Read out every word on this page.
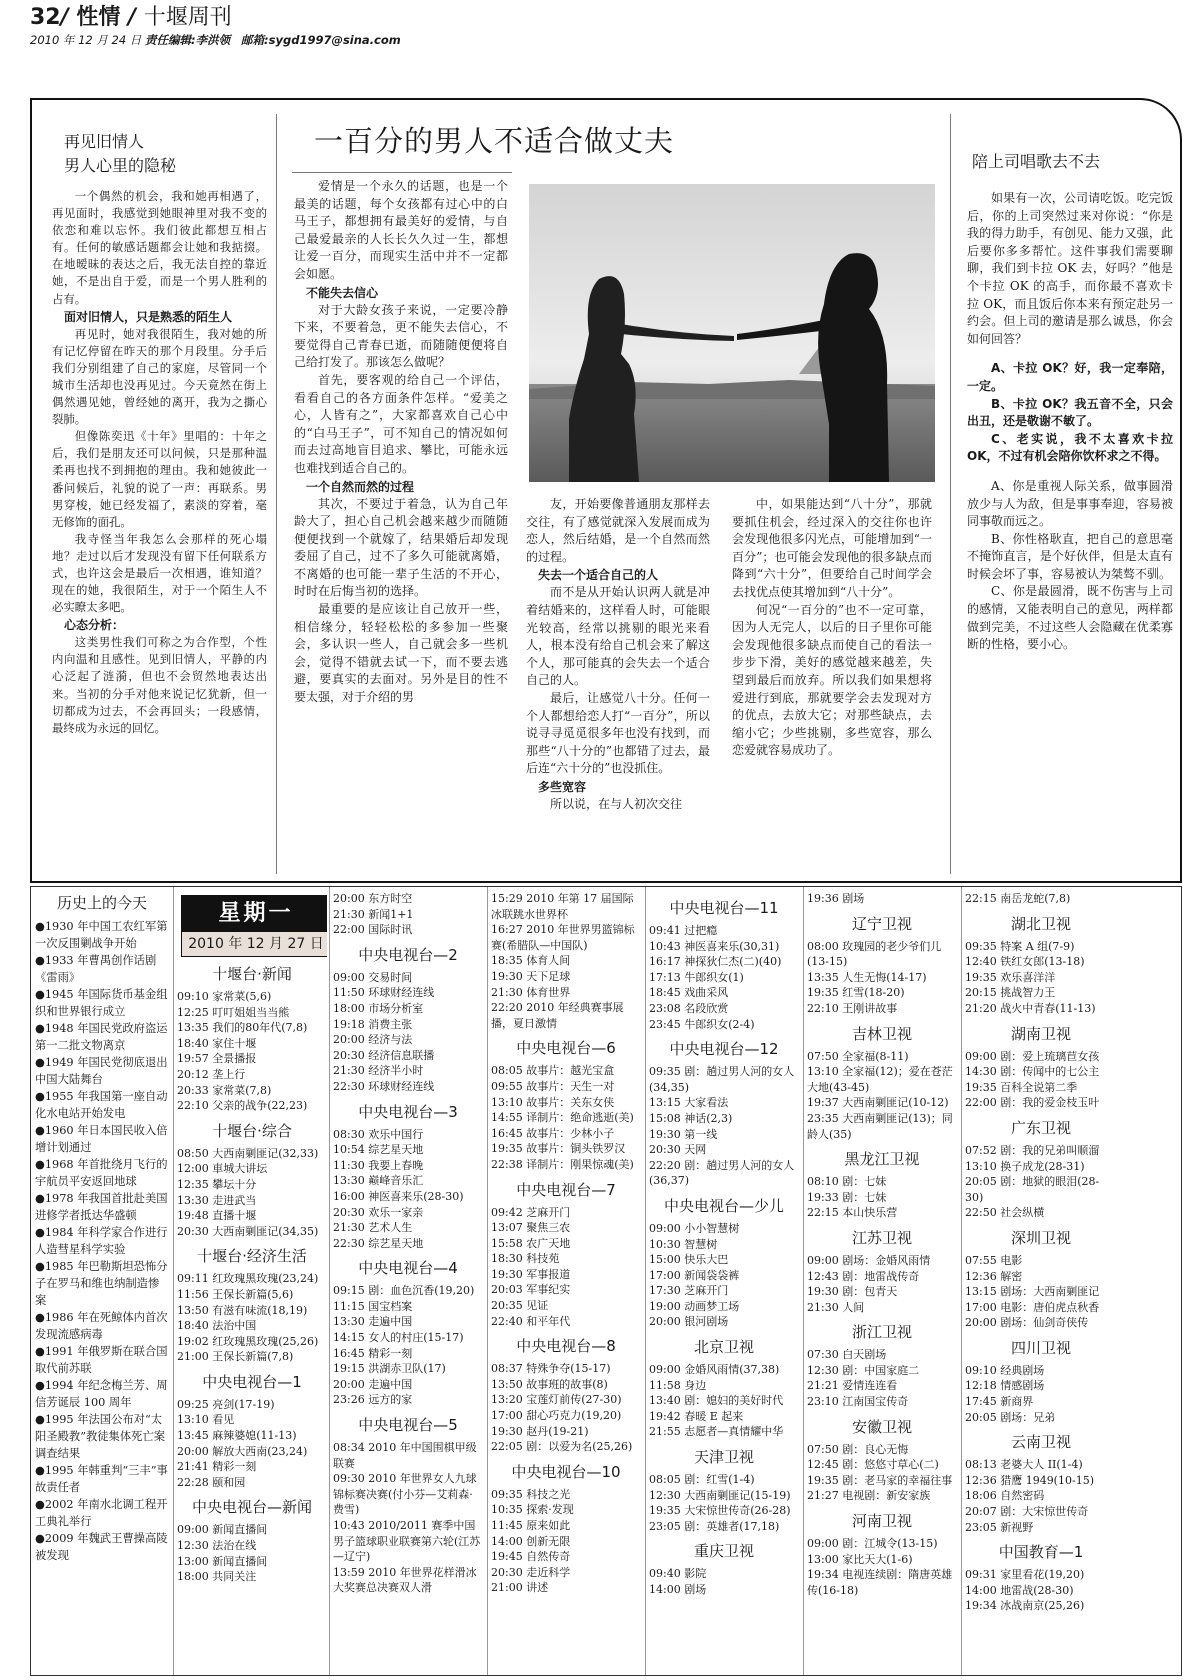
32/ 性情 / 十堰周刊
2010 年 12 月 24 日 责任编辑:李洪领 邮箱:sygd1997@sina.com
再见旧情人
男人心里的隐秘

一个偶然的机会，我和她再相遇了，再见面时，我感觉到她眼神里对我不变的依恋和难以忘怀。我们彼此都想互相占有。任何的敏感话题都会让她和我掂掇。在地暧昧的表达之后，我无法自控的靠近她，不是出自于爱，而是一个男人胜利的占有。

面对旧情人，只是熟悉的陌生人

再见时，她对我很陌生，我对她的所有记忆停留在昨天的那个月段里。分手后我们分别组建了自己的家庭，尽管同一个城市生活却也没再见过。今天竟然在街上偶然遇见她，曾经她的离开，我为之撕心裂肺。

但像陈奕迅《十年》里唱的：十年之后，我们是朋友还可以问候，只是那种温柔再也找不到拥抱的理由。我和她彼此一番问候后，礼貌的说了一声：再联系。男男穿梭，她已经发福了，素淡的穿着，毫无修饰的面孔。

我寺怪当年我怎么会那样的死心塌地？走过以后才发现没有留下任何联系方式，也许这会是最后一次相遇，谁知道？现在的她，我很陌生，对于一个陌生人不必实瞭太多吧。

心态分析：

这类男性我们可称之为合作型，个性内向温和且感性。见到旧情人，平静的内心泛起了涟漪，但也不会贸然地表达出来。当初的分手对他来说记忆犹新，但一切都成为过去，不会再回头；一段感情，最终成为永远的回忆。

一百分的男人不适合做丈夫

爱情是一个永久的话题，也是一个最美的话题，每个女孩都有过心中的白马王子，都想拥有最美好的爱情，与自己最爱最亲的人长长久久过一生，都想让爱一百分，而现实生活中并不一定都会如愿。

不能失去信心

对于大龄女孩子来说，一定要冷静下来，不要着急，更不能失去信心，不要觉得自己青春已逝，而随随便便将自己给打发了。那该怎么做呢？

首先，要客观的给自己一个评估，看看自己的各方面条件怎样。“爱美之心，人皆有之”，大家都喜欢自己心中的“白马王子”，可不知自己的情况如何而去过高地盲目追求、攀比，可能永远也难找到适合自己的。

一个自然而然的过程

其次，不要过于着急，认为自己年龄大了，担心自己机会越来越少而随随便便找到一个就嫁了，结果婚后却发现委屈了自己，过不了多久可能就离婚，不离婚的也可能一辈子生活的不开心，时时在后悔当初的选择。

最重要的是应该让自己放开一些，相信缘分，轻轻松松的多参加一些聚会，多认识一些人，自己就会多一些机会，觉得不错就去试一下，而不要去逃避，要真实的去面对。另外是目的性不要太强，对于介绍的男

友，开始要像普通朋友那样去交往，有了感觉就深入发展而成为恋人，然后结婚，是一个自然而然的过程。

失去一个适合自己的人

而不是从开始认识两人就是冲着结婚来的，这样看人时，可能眼光较高，经常以挑剔的眼光来看人，根本没有给自己机会来了解这个人，那可能真的会失去一个适合自己的人。

最后，让感觉八十分。任何一个人都想给恋人打“一百分”，所以说寻寻觅觅很多年也没有找到，而那些“八十分的”也都错了过去，最后连“六十分的”也没抓住。

多些宽容

所以说，在与人初次交往

中，如果能达到“八十分”，那就要抓住机会，经过深入的交往你也许会发现他很多闪光点，可能增加到“一百分”；也可能会发现他的很多缺点而降到“六十分”，但要给自己时间学会去找优点使其增加到“八十分”。

何况“一百分的”也不一定可靠，因为人无完人，以后的日子里你可能会发现他很多缺点而使自己的看法一步步下滑，美好的感觉越来越差，失望到最后而放弃。所以我们如果想将爱进行到底，那就要学会去发现对方的优点，去放大它；对那些缺点，去缩小它；少些挑剔，多些宽容，那么恋爱就容易成功了。

陪上司唱歌去不去

如果有一次，公司请吃饭。吃完饭后，你的上司突然过来对你说：“你是我的得力助手，有创见、能力又强，此后要你多多帮忙。这件事我们需要聊聊，我们到卡拉 OK 去，好吗？”他是个卡拉 OK 的高手，而你最不喜欢卡拉 OK，而且饭后你本来有预定赴另一约会。但上司的邀请是那么诚恳，你会如何回答？

A、卡拉 OK？好，我一定奉陪，一定。

B、卡拉 OK？我五音不全，只会出丑，还是敬谢不敏了。

C、老实说，我不太喜欢卡拉 OK，不过有机会陪你饮杯求之不得。

A、你是重视人际关系，做事圆滑放少与人为敌，但是事事奉迎，容易被同事敬而远之。

B、你性格耿直，把自己的意思毫不掩饰直言，是个好伙伴，但是太直有时候会坏了事，容易被认为桀骜不驯。

C、你是最圆滑，既不伤害与上司的感情，又能表明自己的意见，两样都做到完美，不过这些人会隐藏在优柔寡断的性格，要小心。

历史上的今天
●1930 年中国工农红军第一次反围剿战争开始
●1933 年曹禺创作话剧《雷雨》
●1945 年国际货币基金组织和世界银行成立
●1948 年国民党政府盗运第一二批文物离京
●1949 年国民党彻底退出中国大陆舞台
●1955 年我国第一座自动化水电站开始发电
●1960 年日本国民收入倍增计划通过
●1968 年首批绕月飞行的宇航员平安返回地球
●1978 年我国首批赴美国进修学者抵达华盛顿
●1984 年科学家合作进行人造彗星科学实验
●1985 年巴勒斯坦恐怖分子在罗马和维也纳制造惨案
●1986 年在死鲸体内首次发现流感病毒
●1991 年俄罗斯在联合国取代前苏联
●1994 年纪念梅兰芳、周信芳诞辰 100 周年
●1995 年法国公布对“太阳圣殿教”教徒集体死亡案调查结果
●1995 年韩重判“三丰”事故责任者
●2002 年南水北调工程开工典礼举行
●2009 年魏武王曹操高陵被发现
星期一
2010 年 12 月 27 日
十堰台·新闻
09:10 家常菜(5,6)
12:25 叮叮姐姐当当熊
13:35 我们的80年代(7,8)
18:40 家住十堰
19:57 全景播报
20:12 垄上行
20:33 家常菜(7,8)
22:10 父亲的战争(22,23)
十堰台·综合
08:50 大西南剿匪记(32,33)
12:00 車城大讲坛
12:35 攀坛十分
13:30 走进武当
19:48 直播十堰
20:30 大西南剿匪记(34,35)
十堰台·经济生活
09:11 红玫瑰黑玫瑰(23,24)
11:56 王保长新篇(5,6)
13:50 有滋有味流(18,19)
18:40 法治中国
19:02 红玫瑰黑玫瑰(25,26)
21:00 王保长新篇(7,8)
中央电视台—1
09:25 亮剑(17-19)
13:10 看见
13:45 麻辣婆媳(11-13)
20:00 解放大西南(23,24)
21:41 精彩一刻
22:28 颐和园
中央电视台—新闻
09:00 新闻直播间
12:30 法治在线
13:00 新闻直播间
18:00 共同关注
20:00 东方时空
21:30 新闻1+1
22:00 国际时讯
中央电视台—2
09:00 交易时间
11:50 环球财经连线
18:00 市场分析室
19:18 消费主张
20:00 经济与法
20:30 经济信息联播
21:30 经济半小时
22:30 环球财经连线
中央电视台—3
08:30 欢乐中国行
10:54 综艺星天地
11:30 我要上春晚
13:30 巅峰音乐汇
16:00 神医喜来乐(28-30)
20:30 欢乐一家亲
21:30 艺术人生
22:30 综艺星天地
中央电视台—4
09:15 剧：血色沉香(19,20)
11:15 国宝档案
13:30 走遍中国
14:15 女人的村庄(15-17)
16:45 精彩一刻
19:15 洪湖赤卫队(17)
20:00 走遍中国
23:26 远方的家
中央电视台—5
08:34 2010 年中国围棋甲级联赛
09:30 2010 年世界女人九球锦标赛决赛(付小芬—艾莉森·费雪)
10:43 2010/2011 赛季中国男子篮球职业联赛第六轮(江苏—辽宁)
13:59 2010 年世界花样滑冰大奖赛总决赛双人滑
15:29 2010 年第 17 届国际冰联跳水世界杯
16:27 2010 年世界男篮锦标赛(希腊队—中国队)
18:35 体育人间
19:30 天下足球
21:30 体育世界
22:20 2010 年经典赛事展播，夏日激情
中央电视台—6
08:05 故事片：越光宝盒
09:55 故事片：天生一对
13:10 故事片：关东女侠
14:55 译制片：绝命逃逝(美)
16:45 故事片：少林小子
19:35 故事片：铜头铁罗汉
22:38 译制片：刚果惊魂(美)
中央电视台—7
09:42 芝麻开门
13:07 聚焦三农
15:58 农广天地
18:30 科技苑
19:30 军事报道
20:03 军事纪实
20:35 见证
22:40 和平年代
中央电视台—8
08:37 特殊争夺(15-17)
13:50 故事班的故事(8)
13:20 宝莲灯前传(27-30)
17:00 甜心巧克力(19,20)
19:30 赵丹(19-21)
22:05 剧：以爱为名(25,26)
中央电视台—10
09:35 科技之光
10:35 探索·发现
11:45 原来如此
14:00 创新无限
19:45 自然传奇
20:30 走近科学
21:00 讲述
中央电视台—11
09:41 过把瘾
10:43 神医喜来乐(30,31)
16:17 神探狄仁杰(二)(40)
17:13 牛郎织女(1)
18:45 戏曲采风
23:08 名段欣赏
23:45 牛郎织女(2-4)
中央电视台—12
09:35 剧：趟过男人河的女人(34,35)
13:15 大家看法
15:08 神话(2,3)
19:30 第一线
20:30 天网
22:20 剧：趟过男人河的女人(36,37)
中央电视台—少儿
09:00 小小智慧树
10:30 智慧树
15:00 快乐大巴
17:00 新闻袋袋裤
17:30 芝麻开门
19:00 动画梦工场
20:00 银河剧场
北京卫视
09:00 金婚风雨情(37,38)
11:58 身边
13:40 剧：媳妇的美好时代
19:42 春暖 E 起来
21:55 志愿者—真情耀中华
天津卫视
08:05 剧：红雪(1-4)
12:30 大西南剿匪记(15-19)
19:35 大宋惊世传奇(26-28)
23:05 剧：英雄者(17,18)
重庆卫视
09:40 影院
14:00 剧场
19:36 剧场
辽宁卫视
08:00 玫瑰园的老少爷们儿(13-15)
13:35 人生无悔(14-17)
19:35 红雪(18-20)
22:10 王刚讲故事
吉林卫视
07:50 全家福(8-11)
13:10 全家福(12)；爱在苍茫大地(43-45)
19:37 大西南剿匪记(10-12)
23:35 大西南剿匪记(13)；同龄人(35)
黑龙江卫视
08:10 剧：七妹
19:33 剧：七妹
22:15 本山快乐营
江苏卫视
09:00 剧场：金婚风雨情
12:43 剧：地雷战传奇
19:30 剧：包青天
21:30 人间
浙江卫视
07:30 白天剧场
12:30 剧：中国家庭二
21:21 爱情连连看
23:10 江南国宝传奇
安徽卫视
07:50 剧：良心无悔
12:45 剧：悠悠寸草心(二)
19:35 剧：老马家的幸福往事
21:27 电视剧：新安家族
河南卫视
09:00 剧：江城令(13-15)
13:00 家比天大(1-6)
19:34 电视连续剧：隋唐英雄传(16-18)
22:15 南岳龙蛇(7,8)
湖北卫视
09:35 特案 A 组(7-9)
12:40 铁红女郎(13-18)
19:35 欢乐喜洋洋
20:15 挑战智力王
21:20 战火中青春(11-13)
湖南卫视
09:00 剧：爱上琉璃苣女孩
14:30 剧：传闻中的七公主
19:35 百科全说第二季
22:00 剧：我的爱金枝玉叶
广东卫视
07:52 剧：我的兄弟叫顺溜
13:10 换子成龙(28-31)
20:05 剧：地狱的眼泪(28-30)
22:50 社会纵横
深圳卫视
07:55 电影
12:36 解密
13:15 剧场：大西南剿匪记
17:00 电影：唐伯虎点秋香
20:00 剧场：仙剑奇侠传
四川卫视
09:10 经典剧场
12:18 情感剧场
17:45 新商界
20:05 剧场：兄弟
云南卫视
08:13 老婆大人 II(1-4)
12:36 猎鹰 1949(10-15)
18:06 自然密码
20:07 剧：大宋惊世传奇
23:05 新视野
中国教育—1
09:31 家里看花(19,20)
14:00 地雷战(28-30)
19:34 冰战南京(25,26)
